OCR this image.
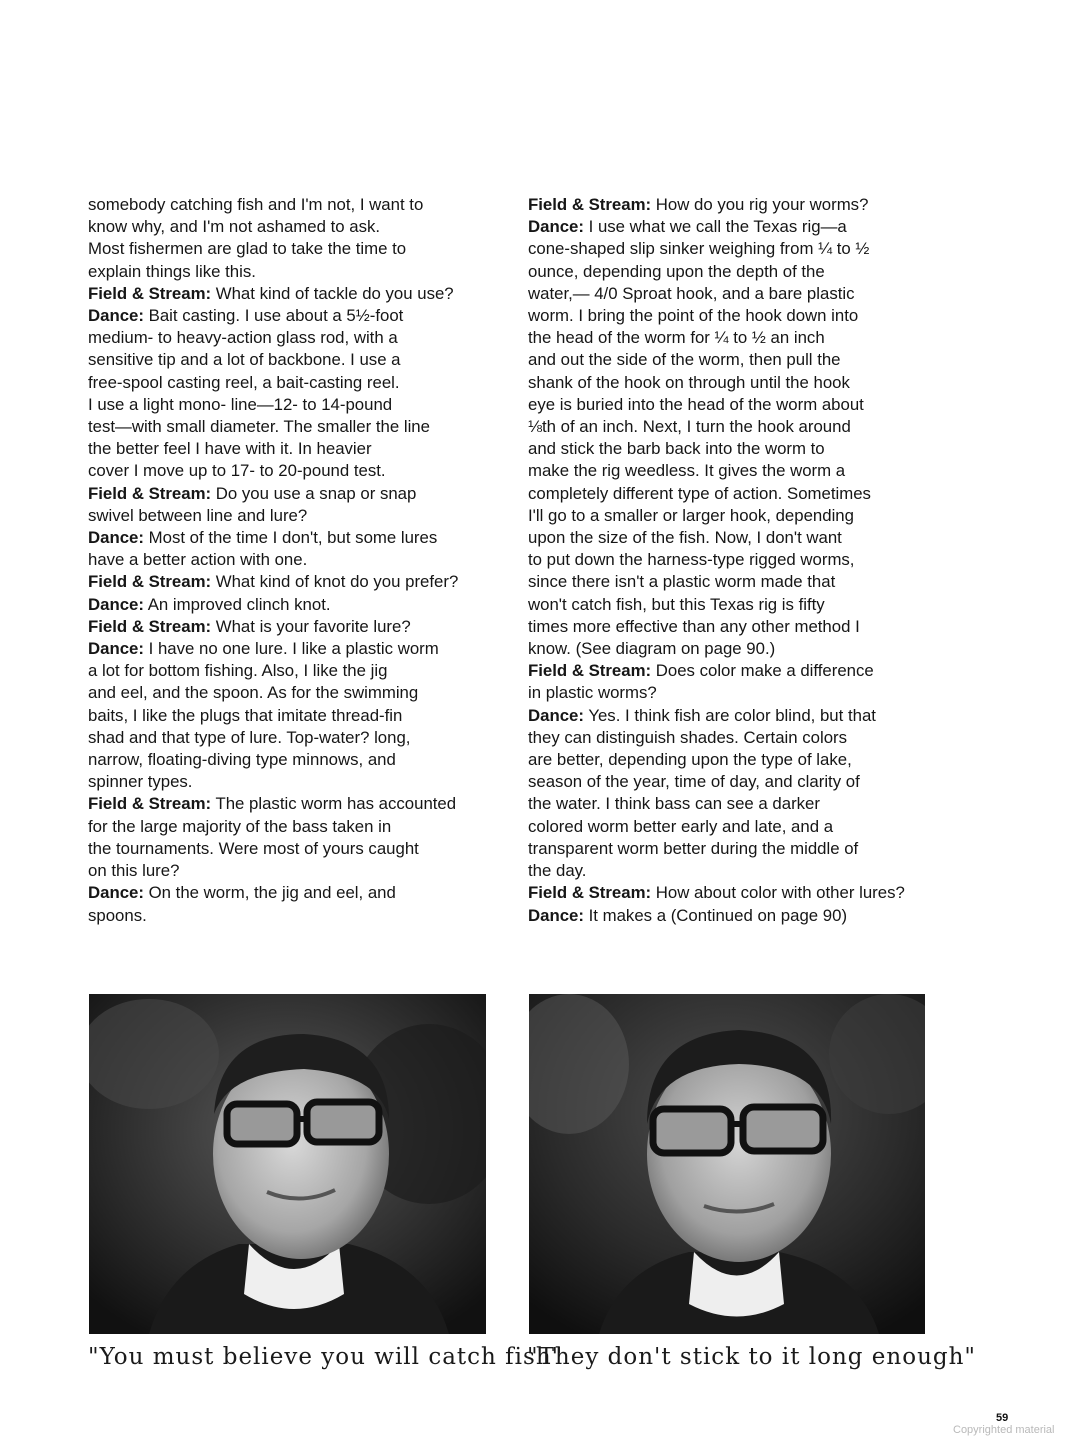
somebody catching fish and I'm not, I want to
know why, and I'm not ashamed to ask.
Most fishermen are glad to take the time to
explain things like this.
Field & Stream: What kind of tackle do you use?
Dance: Bait casting. I use about a 5½-foot
medium- to heavy-action glass rod, with a
sensitive tip and a lot of backbone. I use a
free-spool casting reel, a bait-casting reel.
I use a light mono- line—12- to 14-pound
test—with small diameter. The smaller the line
the better feel I have with it. In heavier
cover I move up to 17- to 20-pound test.
Field & Stream: Do you use a snap or snap
swivel between line and lure?
Dance: Most of the time I don't, but some lures
have a better action with one.
Field & Stream: What kind of knot do you prefer?
Dance: An improved clinch knot.
Field & Stream: What is your favorite lure?
Dance: I have no one lure. I like a plastic worm
a lot for bottom fishing. Also, I like the jig
and eel, and the spoon. As for the swimming
baits, I like the plugs that imitate thread-fin
shad and that type of lure. Top-water? long,
narrow, floating-diving type minnows, and
spinner types.
Field & Stream: The plastic worm has accounted
for the large majority of the bass taken in
the tournaments. Were most of yours caught
on this lure?
Dance: On the worm, the jig and eel, and
spoons.
Field & Stream: How do you rig your worms?
Dance: I use what we call the Texas rig—a
cone-shaped slip sinker weighing from ¼ to ½
ounce, depending upon the depth of the
water,— 4/0 Sproat hook, and a bare plastic
worm. I bring the point of the hook down into
the head of the worm for ¼ to ½ an inch
and out the side of the worm, then pull the
shank of the hook on through until the hook
eye is buried into the head of the worm about
⅛th of an inch. Next, I turn the hook around
and stick the barb back into the worm to
make the rig weedless. It gives the worm a
completely different type of action. Sometimes
I'll go to a smaller or larger hook, depending
upon the size of the fish. Now, I don't want
to put down the harness-type rigged worms,
since there isn't a plastic worm made that
won't catch fish, but this Texas rig is fifty
times more effective than any other method I
know. (See diagram on page 90.)
Field & Stream: Does color make a difference
in plastic worms?
Dance: Yes. I think fish are color blind, but that
they can distinguish shades. Certain colors
are better, depending upon the type of lake,
season of the year, time of day, and clarity of
the water. I think bass can see a darker
colored worm better early and late, and a
transparent worm better during the middle of
the day.
Field & Stream: How about color with other lures?
Dance: It makes a (Continued on page 90)
"You must believe you will catch fish"
"They don't stick to it long enough"
59
Copyrighted material
